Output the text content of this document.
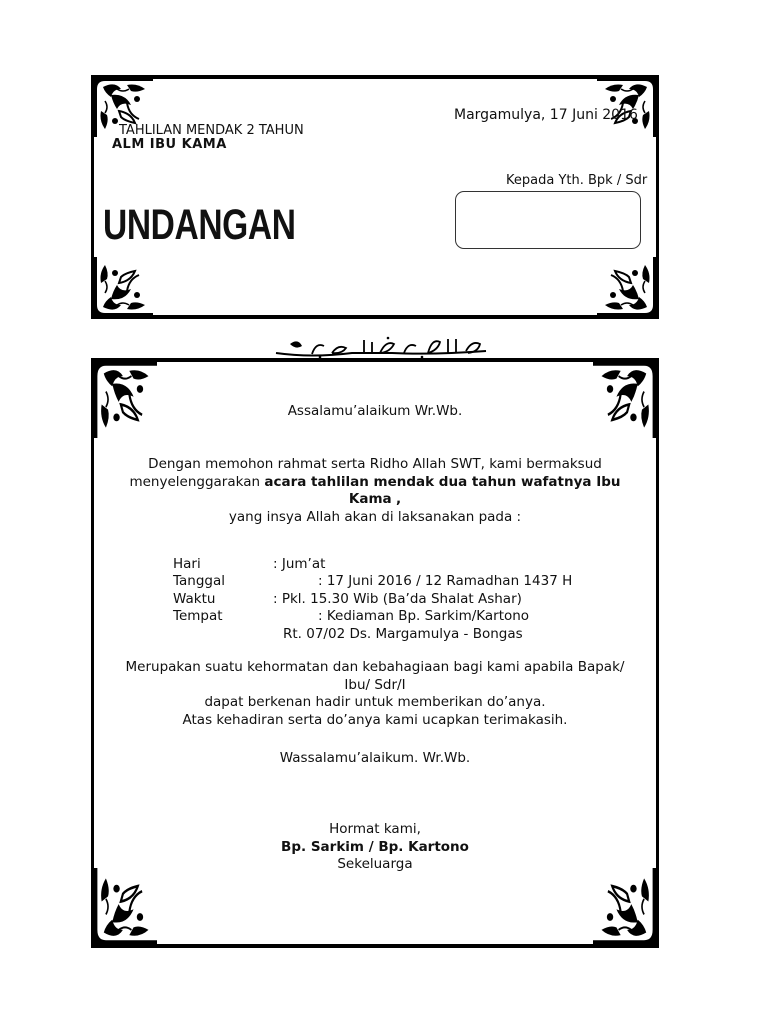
Margamulya, 17 Juni 2016
TAHLILAN MENDAK 2 TAHUN
ALM IBU KAMA
Kepada Yth. Bpk / Sdr
UNDANGAN
Assalamu’alaikum Wr.Wb.
Dengan memohon rahmat serta Ridho Allah SWT, kami bermaksud
menyelenggarakan acara tahlilan mendak dua tahun wafatnya Ibu
Kama ,
yang insya Allah akan di laksanakan pada :
Hari	: Jum’at
Tanggal	: 17 Juni 2016 / 12 Ramadhan 1437 H
Waktu	: Pkl. 15.30 Wib (Ba’da Shalat Ashar)
Tempat	: Kediaman Bp. Sarkim/Kartono
Rt. 07/02 Ds. Margamulya - Bongas
Merupakan suatu kehormatan dan kebahagiaan bagi kami apabila Bapak/
Ibu/ Sdr/I
dapat berkenan hadir untuk memberikan do’anya.
Atas kehadiran serta do’anya kami ucapkan terimakasih.
Wassalamu’alaikum. Wr.Wb.
Hormat kami,
Bp. Sarkim / Bp. Kartono
Sekeluarga
